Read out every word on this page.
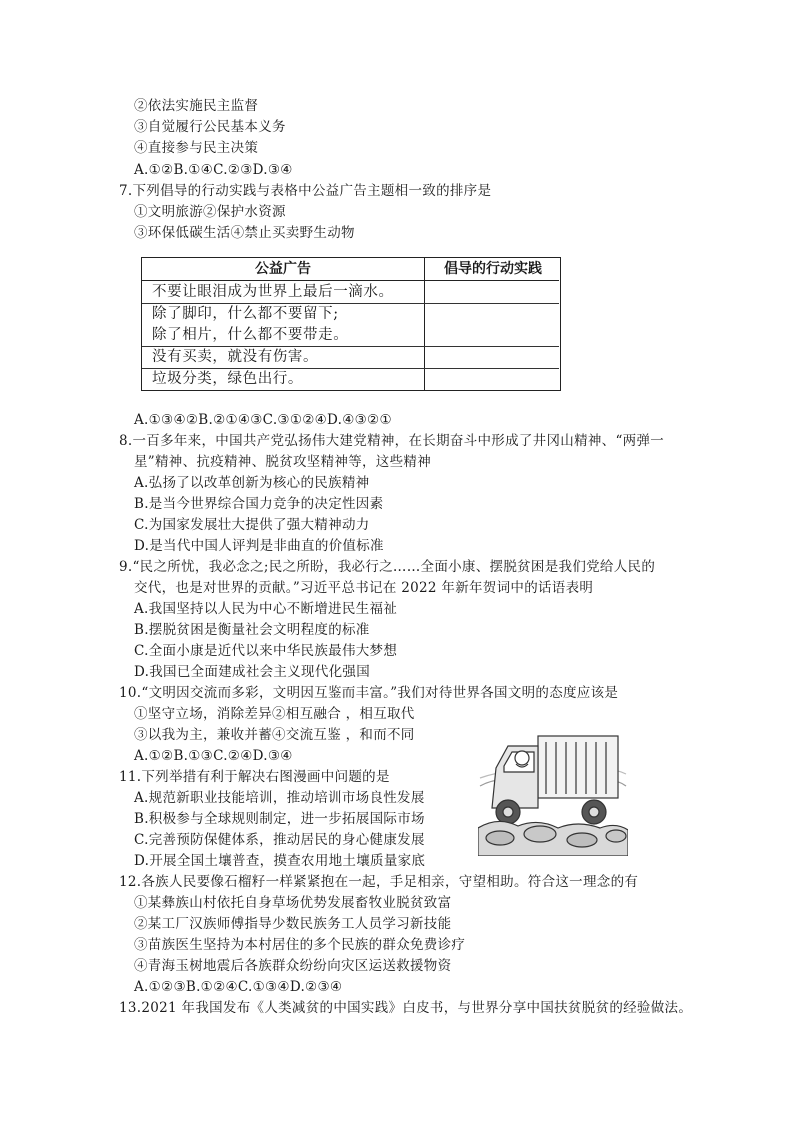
②依法实施民主监督
③自觉履行公民基本义务
④直接参与民主决策
A.①②B.①④C.②③D.③④
7.下列倡导的行动实践与表格中公益广告主题相一致的排序是
①文明旅游②保护水资源
③环保低碳生活④禁止买卖野生动物
公益广告	倡导的行动实践
不要让眼泪成为世界上最后一滴水。
除了脚印，什么都不要留下;
除了相片，什么都不要带走。
没有买卖，就没有伤害。
垃圾分类，绿色出行。
A.①③④②B.②①④③C.③①②④D.④③②①
8.一百多年来，中国共产党弘扬伟大建党精神，在长期奋斗中形成了井冈山精神、“两弹一
星”精神、抗疫精神、脱贫攻坚精神等，这些精神
A.弘扬了以改革创新为核心的民族精神
B.是当今世界综合国力竞争的决定性因素
C.为国家发展壮大提供了强大精神动力
D.是当代中国人评判是非曲直的价值标准
9.“民之所忧，我必念之;民之所盼，我必行之……全面小康、摆脱贫困是我们党给人民的
交代，也是对世界的贡献。”习近平总书记在 2022 年新年贺词中的话语表明
A.我国坚持以人民为中心不断增进民生福祉
B.摆脱贫困是衡量社会文明程度的标准
C.全面小康是近代以来中华民族最伟大梦想
D.我国已全面建成社会主义现代化强国
10.“文明因交流而多彩，文明因互鉴而丰富。”我们对待世界各国文明的态度应该是
①坚守立场，消除差异②相互融合 ，相互取代
③以我为主，兼收并蓄④交流互鉴 ，和而不同
A.①②B.①③C.②④D.③④
11.下列举措有利于解决右图漫画中问题的是
A.规范新职业技能培训，推动培训市场良性发展
B.积极参与全球规则制定，进一步拓展国际市场
C.完善预防保健体系，推动居民的身心健康发展
D.开展全国土壤普查，摸查农用地土壤质量家底
12.各族人民要像石榴籽一样紧紧抱在一起，手足相亲，守望相助。符合这一理念的有
①某彝族山村依托自身草场优势发展畜牧业脱贫致富
②某工厂汉族师傅指导少数民族务工人员学习新技能
③苗族医生坚持为本村居住的多个民族的群众免费诊疗
④青海玉树地震后各族群众纷纷向灾区运送救援物资
A.①②③B.①②④C.①③④D.②③④
13.2021 年我国发布《人类减贫的中国实践》白皮书，与世界分享中国扶贫脱贫的经验做法。
